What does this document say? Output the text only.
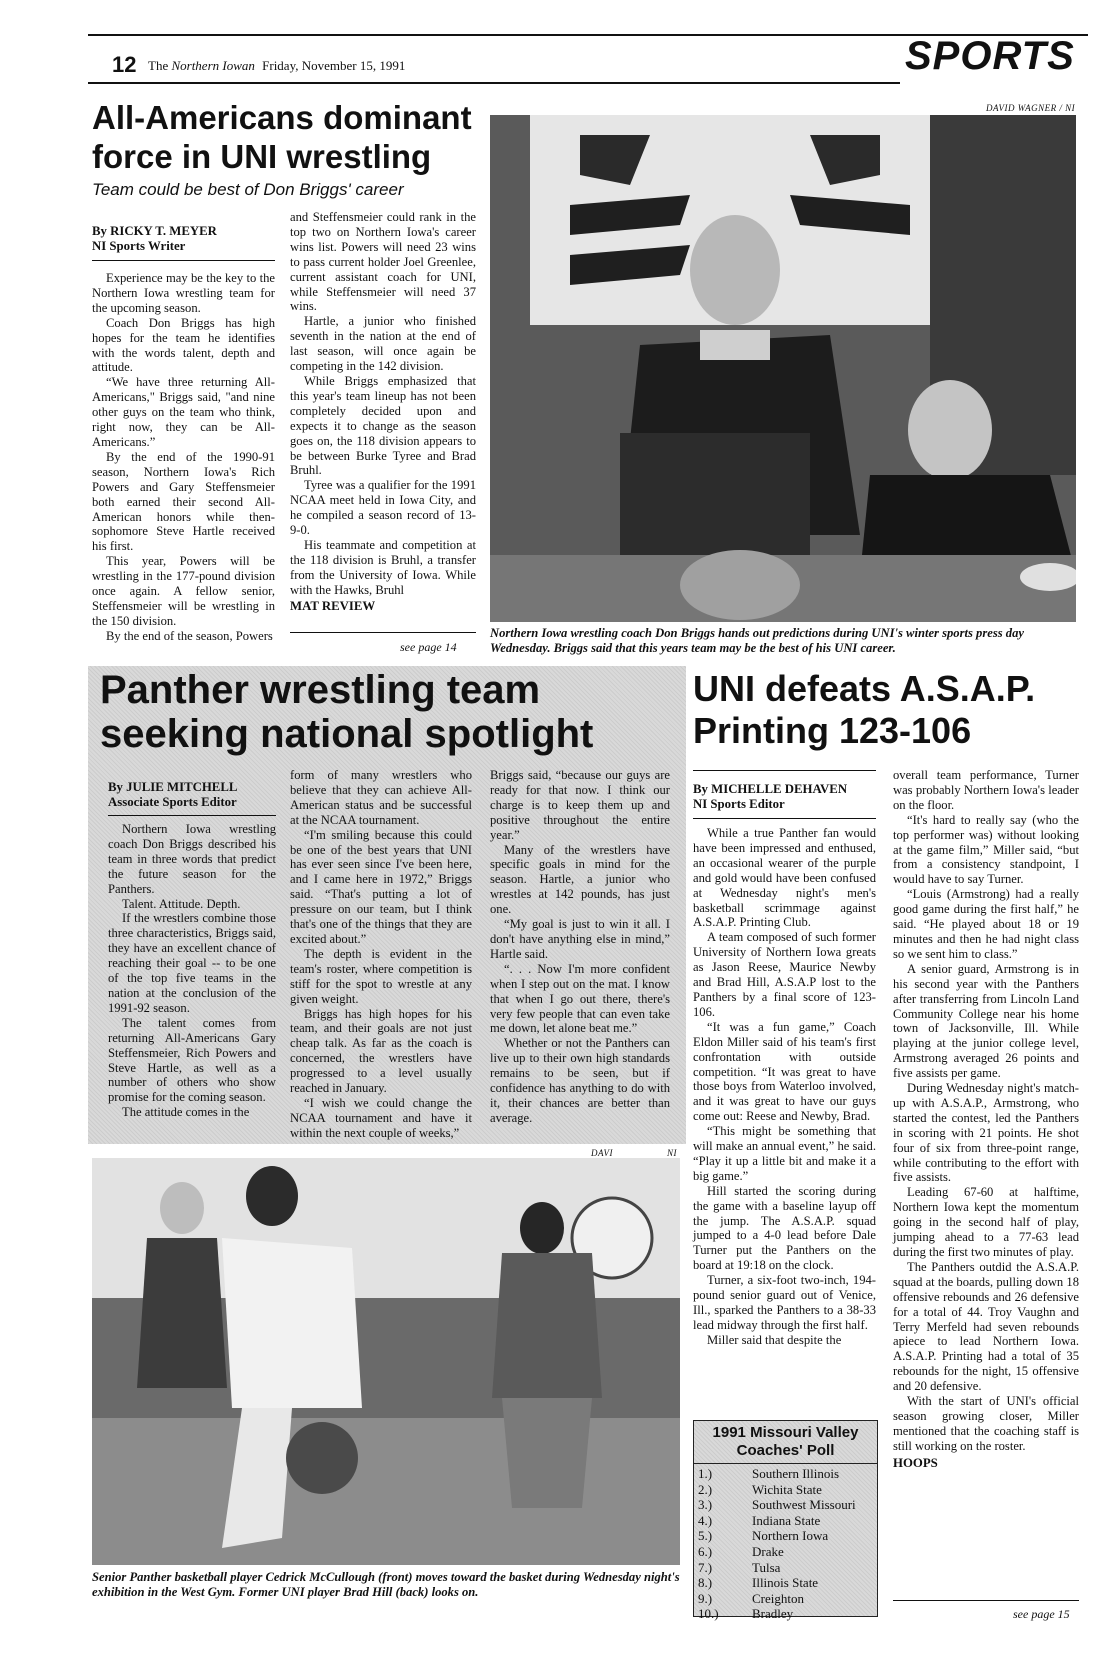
12 The Northern Iowan Friday, November 15, 1991	SPORTS
All-Americans dominant
force in UNI wrestling
Team could be best of Don Briggs' career
By RICKY T. MEYER
NI Sports Writer

Experience may be the key to the Northern Iowa wrestling team for the upcoming season.

Coach Don Briggs has high hopes for the team he identifies with the words talent, depth and attitude.

“We have three returning All-Americans," Briggs said, "and nine other guys on the team who think, right now, they can be All-Americans.”

By the end of the 1990-91 season, Northern Iowa's Rich Powers and Gary Steffensmeier both earned their second All-American honors while then-sophomore Steve Hartle received his first.

This year, Powers will be wrestling in the 177-pound division once again. A fellow senior, Steffensmeier will be wrestling in the 150 division.

By the end of the season, Powers

and Steffensmeier could rank in the top two on Northern Iowa's career wins list. Powers will need 23 wins to pass current holder Joel Greenlee, current assistant coach for UNI, while Steffensmeier will need 37 wins.

Hartle, a junior who finished seventh in the nation at the end of last season, will once again be competing in the 142 division.

While Briggs emphasized that this year's team lineup has not been completely decided upon and expects it to change as the season goes on, the 118 division appears to be between Burke Tyree and Brad Bruhl.

Tyree was a qualifier for the 1991 NCAA meet held in Iowa City, and he compiled a season record of 13-9-0.

His teammate and competition at the 118 division is Bruhl, a transfer from the University of Iowa. While with the Hawks, Bruhl

MAT REVIEW
see page 14
DAVID WAGNER / NI
Northern Iowa wrestling coach Don Briggs hands out predictions during UNI's winter sports press day Wednesday. Briggs said that this years team may be the best of his UNI career.
Panther wrestling team
seeking national spotlight
By JULIE MITCHELL
Associate Sports Editor

Northern Iowa wrestling coach Don Briggs described his team in three words that predict the future season for the Panthers.

Talent. Attitude. Depth.

If the wrestlers combine those three characteristics, Briggs said, they have an excellent chance of reaching their goal -- to be one of the top five teams in the nation at the conclusion of the 1991-92 season.

The talent comes from returning All-Americans Gary Steffensmeier, Rich Powers and Steve Hartle, as well as a number of others who show promise for the coming season.

The attitude comes in the

form of many wrestlers who believe that they can achieve All-American status and be successful at the NCAA tournament.

“I'm smiling because this could be one of the best years that UNI has ever seen since I've been here, and I came here in 1972,” Briggs said. “That's putting a lot of pressure on our team, but I think that's one of the things that they are excited about.”

The depth is evident in the team's roster, where competition is stiff for the spot to wrestle at any given weight.

Briggs has high hopes for his team, and their goals are not just cheap talk. As far as the coach is concerned, the wrestlers have progressed to a level usually reached in January.

“I wish we could change the NCAA tournament and have it within the next couple of weeks,”

Briggs said, “because our guys are ready for that now. I think our charge is to keep them up and positive throughout the entire year.”

Many of the wrestlers have specific goals in mind for the season. Hartle, a junior who wrestles at 142 pounds, has just one.

“My goal is just to win it all. I don't have anything else in mind,” Hartle said.

“. . . Now I'm more confident when I step out on the mat. I know that when I go out there, there's very few people that can even take me down, let alone beat me.”

Whether or not the Panthers can live up to their own high standards remains to be seen, but if confidence has anything to do with it, their chances are better than average.

DAVI	NI
Senior Panther basketball player Cedrick McCullough (front) moves toward the basket during Wednesday night's exhibition in the West Gym. Former UNI player Brad Hill (back) looks on.
UNI defeats A.S.A.P.
Printing 123-106
By MICHELLE DEHAVEN
NI Sports Editor

While a true Panther fan would have been impressed and enthused, an occasional wearer of the purple and gold would have been confused at Wednesday night's men's basketball scrimmage against A.S.A.P. Printing Club.

A team composed of such former University of Northern Iowa greats as Jason Reese, Maurice Newby and Brad Hill, A.S.A.P lost to the Panthers by a final score of 123-106.

“It was a fun game,” Coach Eldon Miller said of his team's first confrontation with outside competition. “It was great to have those boys from Waterloo involved, and it was great to have our guys come out: Reese and Newby, Brad.

“This might be something that will make an annual event,” he said. “Play it up a little bit and make it a big game.”

Hill started the scoring during the game with a baseline layup off the jump. The A.S.A.P. squad jumped to a 4-0 lead before Dale Turner put the Panthers on the board at 19:18 on the clock.

Turner, a six-foot two-inch, 194-pound senior guard out of Venice, Ill., sparked the Panthers to a 38-33 lead midway through the first half.

Miller said that despite the

overall team performance, Turner was probably Northern Iowa's leader on the floor.

“It's hard to really say (who the top performer was) without looking at the game film,” Miller said, “but from a consistency standpoint, I would have to say Turner.

“Louis (Armstrong) had a really good game during the first half,” he said. “He played about 18 or 19 minutes and then he had night class so we sent him to class.”

A senior guard, Armstrong is in his second year with the Panthers after transferring from Lincoln Land Community College near his home town of Jacksonville, Ill. While playing at the junior college level, Armstrong averaged 26 points and five assists per game.

During Wednesday night's match-up with A.S.A.P., Armstrong, who started the contest, led the Panthers in scoring with 21 points. He shot four of six from three-point range, while contributing to the effort with five assists.

Leading 67-60 at halftime, Northern Iowa kept the momentum going in the second half of play, jumping ahead to a 77-63 lead during the first two minutes of play.

The Panthers outdid the A.S.A.P. squad at the boards, pulling down 18 offensive rebounds and 26 defensive for a total of 44. Troy Vaughn and Terry Merfeld had seven rebounds apiece to lead Northern Iowa. A.S.A.P. Printing had a total of 35 rebounds for the night, 15 offensive and 20 defensive.

With the start of UNI's official season growing closer, Miller mentioned that the coaching staff is still working on the roster.

HOOPS
see page 15
1991 Missouri Valley
Coaches' Poll
1.)	Southern Illinois
2.)	Wichita State
3.)	Southwest Missouri
4.)	Indiana State
5.)	Northern Iowa
6.)	Drake
7.)	Tulsa
8.)	Illinois State
9.)	Creighton
10.)	Bradley
